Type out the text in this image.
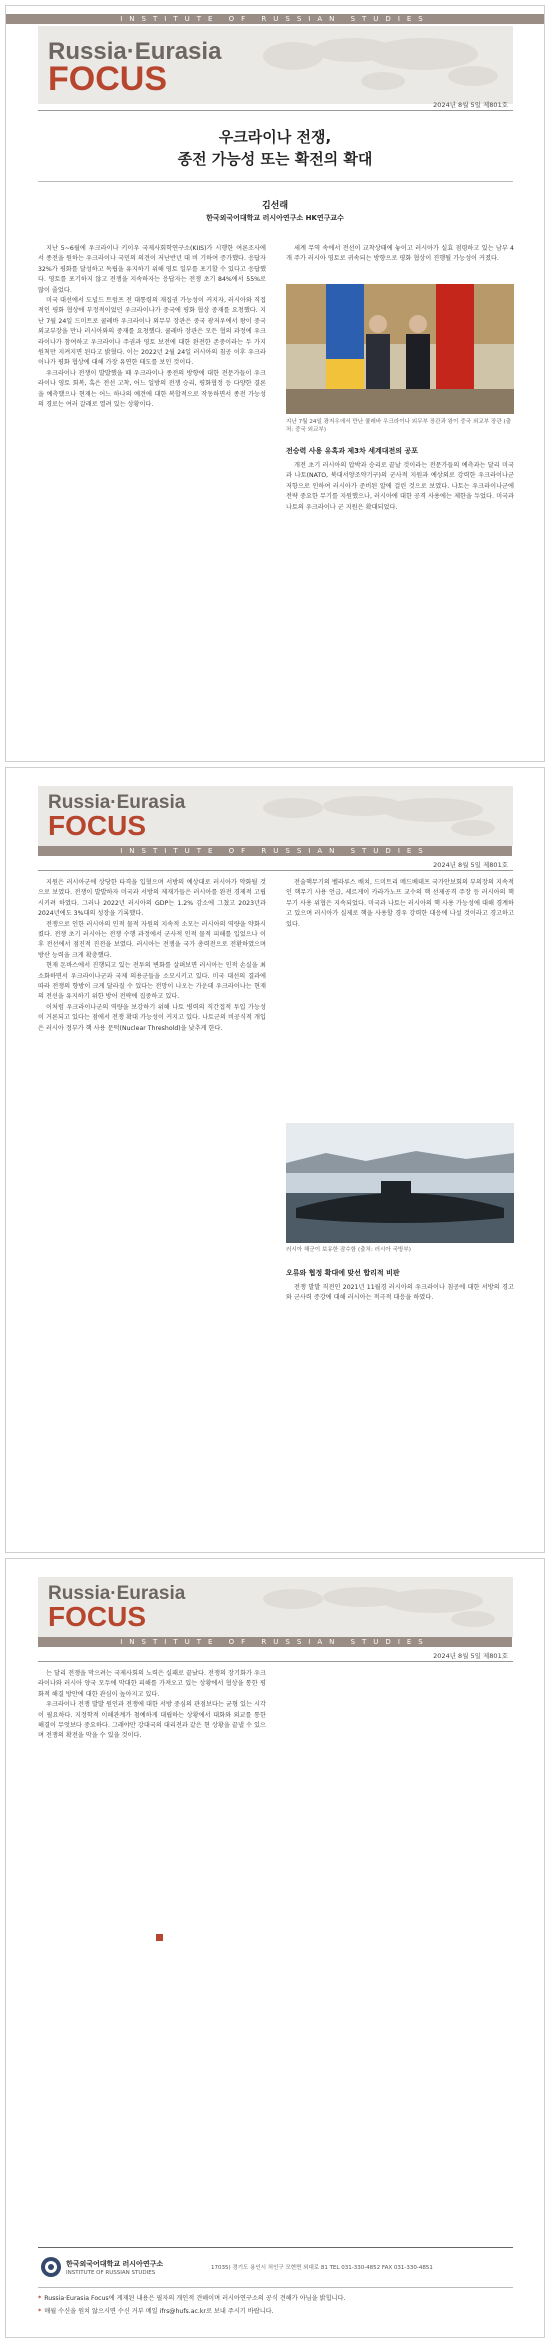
INSTITUTE OF RUSSIAN STUDIES
Russia·Eurasia
FOCUS
2024년 8월 5일 제801호
우크라이나 전쟁,
종전 가능성 또는 확전의 확대
김선래
한국외국어대학교 러시아연구소 HK연구교수

지난 5~6월에 우크라이나 키이우 국제사회학연구소(KIIS)가 시행한 여론조사에서 종전을 원하는 우크라이나 국민의 의견이 저난반년 대 비 기하여 증가했다. 응답자 32%가 평화를 달성하고 독립을 유지하기 위해 영토 일부를 포기할 수 있다고 응답했다. 영토를 포기하지 않고 전쟁을 지속하자는 응답자는 전쟁 초기 84%에서 55%로 많이 줄었다.

미국 대선에서 도널드 트럼프 전 대통령의 재집권 가능성이 커지자, 러시아와 직접적인 평화 협상에 부정적이었던 우크라이나가 중국에 평화 협상 중재를 요청했다. 지난 7월 24일 드미트로 쿨레바 우크라이나 외무부 장관은 중국 광저우에서 왕이 중국 외교부장을 만나 러시아와의 중재를 요청했다. 쿨레바 장관은 모든 협의 과정에 우크라이나가 참여하고 우크라이나 주권과 영토 보전에 대한 완전한 존중이라는 두 가지 원칙만 지켜지면 된다고 밝혔다. 이는 2022년 2월 24일 러시아의 침공 이후 우크라이나가 평화 협상에 대해 가장 유연한 태도를 보인 것이다.

우크라이나 전쟁이 발발했을 때 우크라이나 종전의 방향에 대한 전문가들이 우크라이나 영토 회복, 혹은 전선 고착, 어느 일방의 전쟁 승리, 평화협정 등 다양한 결론을 예측했으나 현재는 어느 하나의 예견에 대한 복합적으로 작동하면서 종전 가능성의 경로는 여러 갈래로 열려 있는 상황이다.

세계 무역 속에서 전선이 교착상태에 놓이고 러시아가 실효 점령하고 있는 남부 4개 주가 러시아 영토로 귀속되는 방향으로 평화 협상이 진행될 가능성이 커졌다.

지난 7월 24일 광저우에서 만난 쿨레바 우크라이나 외무부 장관과 왕이 중국 외교부 장관 (출처: 중국 외교부)
전승력 사용 유혹과 제3차 세계대전의 공포

개전 초기 러시아의 압박과 승리로 끝날 것이라는 전문가들의 예측과는 달리 미국과 나토(NATO, 북대서양조약기구)의 군사적 지원과 예상외로 강력한 우크라이나군 저항으로 인하여 러시아가 준비된 알에 걸린 것으로 보였다. 나토는 우크라이나군에 전략 중요한 무기를 지원했으나, 러시아에 대한 공격 사용에는 제한을 두었다. 미국과 나토의 우크라이나 군 지원은 확대되었다.

Russia·Eurasia
FOCUS
INSTITUTE OF RUSSIAN STUDIES
2024년 8월 5일 제801호

지원은 러시아군에 상당한 타격을 입혔으며 서방의 예상대로 러시아가 약화될 것으로 보였다. 전쟁이 발발하자 미국과 서방의 제재가들은 러시아를 완전 경제적 고립시키려 하였다. 그러나 2022년 러시아의 GDP는 1.2% 감소에 그쳤고 2023년과 2024년에도 3%대의 성장을 기록했다.

전쟁으로 인한 러시아의 인적 물적 자원의 지속적 소모는 러시아의 역량을 약화시켰다. 전쟁 초기 러시아는 전쟁 수행 과정에서 군사적 인적 물적 피해를 입었으나 이후 전선에서 점진적 진전을 보였다. 러시아는 전쟁을 국가 총력전으로 전환하였으며 방산 능력을 크게 확충했다.

현재 돈바스에서 진행되고 있는 전투의 변화를 살펴보면 러시아는 인적 손실을 최소화하면서 우크라이나군과 국제 의용군들을 소모시키고 있다. 미국 대선의 결과에 따라 전쟁의 향방이 크게 달라질 수 있다는 전망이 나오는 가운데 우크라이나는 현재의 전선을 유지하기 위한 방어 전략에 집중하고 있다.

이처럼 우크라이나군의 역량을 보강하기 위해 나토 병력의 직간접적 투입 가능성이 거론되고 있다는 점에서 전쟁 확대 가능성이 커지고 있다. 나토군의 비공식적 개입은 러시아 정부가 핵 사용 문턱(Nuclear Threshold)을 낮추게 한다.

전술핵무기의 벨라루스 배치, 드미트리 메드베데프 국가안보회의 부의장의 지속적인 핵무기 사용 언급, 세르게이 카라가노프 교수의 핵 선제공격 주장 등 러시아의 핵무기 사용 위협은 지속되었다. 미국과 나토는 러시아의 핵 사용 가능성에 대해 경계하고 있으며 러시아가 실제로 핵을 사용할 경우 강력한 대응에 나설 것이라고 경고하고 있다.

러시아 해군이 보유한 잠수함 (출처: 러시아 국방부)
오류와 협정 확대에 맞선 합리적 비판

전쟁 발발 직전인 2021년 11월경 러시아의 우크라이나 침공에 대한 서방의 경고와 군사력 증강에 대해 러시아는 적극적 대응을 하였다.

Russia·Eurasia
FOCUS
INSTITUTE OF RUSSIAN STUDIES
2024년 8월 5일 제801호

는 달리 전쟁을 막으려는 국제사회의 노력은 실패로 끝났다. 전쟁의 장기화가 우크라이나와 러시아 양국 모두에 막대한 피해를 가져오고 있는 상황에서 협상을 통한 평화적 해결 방안에 대한 관심이 높아지고 있다.

우크라이나 전쟁 발발 원인과 전쟁에 대한 서방 중심의 관점보다는 균형 있는 시각이 필요하다. 지정학적 이해관계가 첨예하게 대립하는 상황에서 대화와 외교를 통한 해결이 무엇보다 중요하다. 그래야만 강대국의 대리전과 같은 현 상황을 끝낼 수 있으며 전쟁의 확전을 막을 수 있을 것이다.

한국외국어대학교 러시아연구소
INSTITUTE OF RUSSIAN STUDIES
17035) 경기도 용인시 처인구 모현면 외대로 81 TEL 031-330-4852 FAX 031-330-4851
* Russia·Eurasia Focus에 게재된 내용은 필자의 개인적 견해이며 러시아연구소의 공식 견해가 아님을 밝힙니다.
* 매월 수신을 원치 않으시면 수신 거부 메일 ifrs@hufs.ac.kr로 보내 주시기 바랍니다.
